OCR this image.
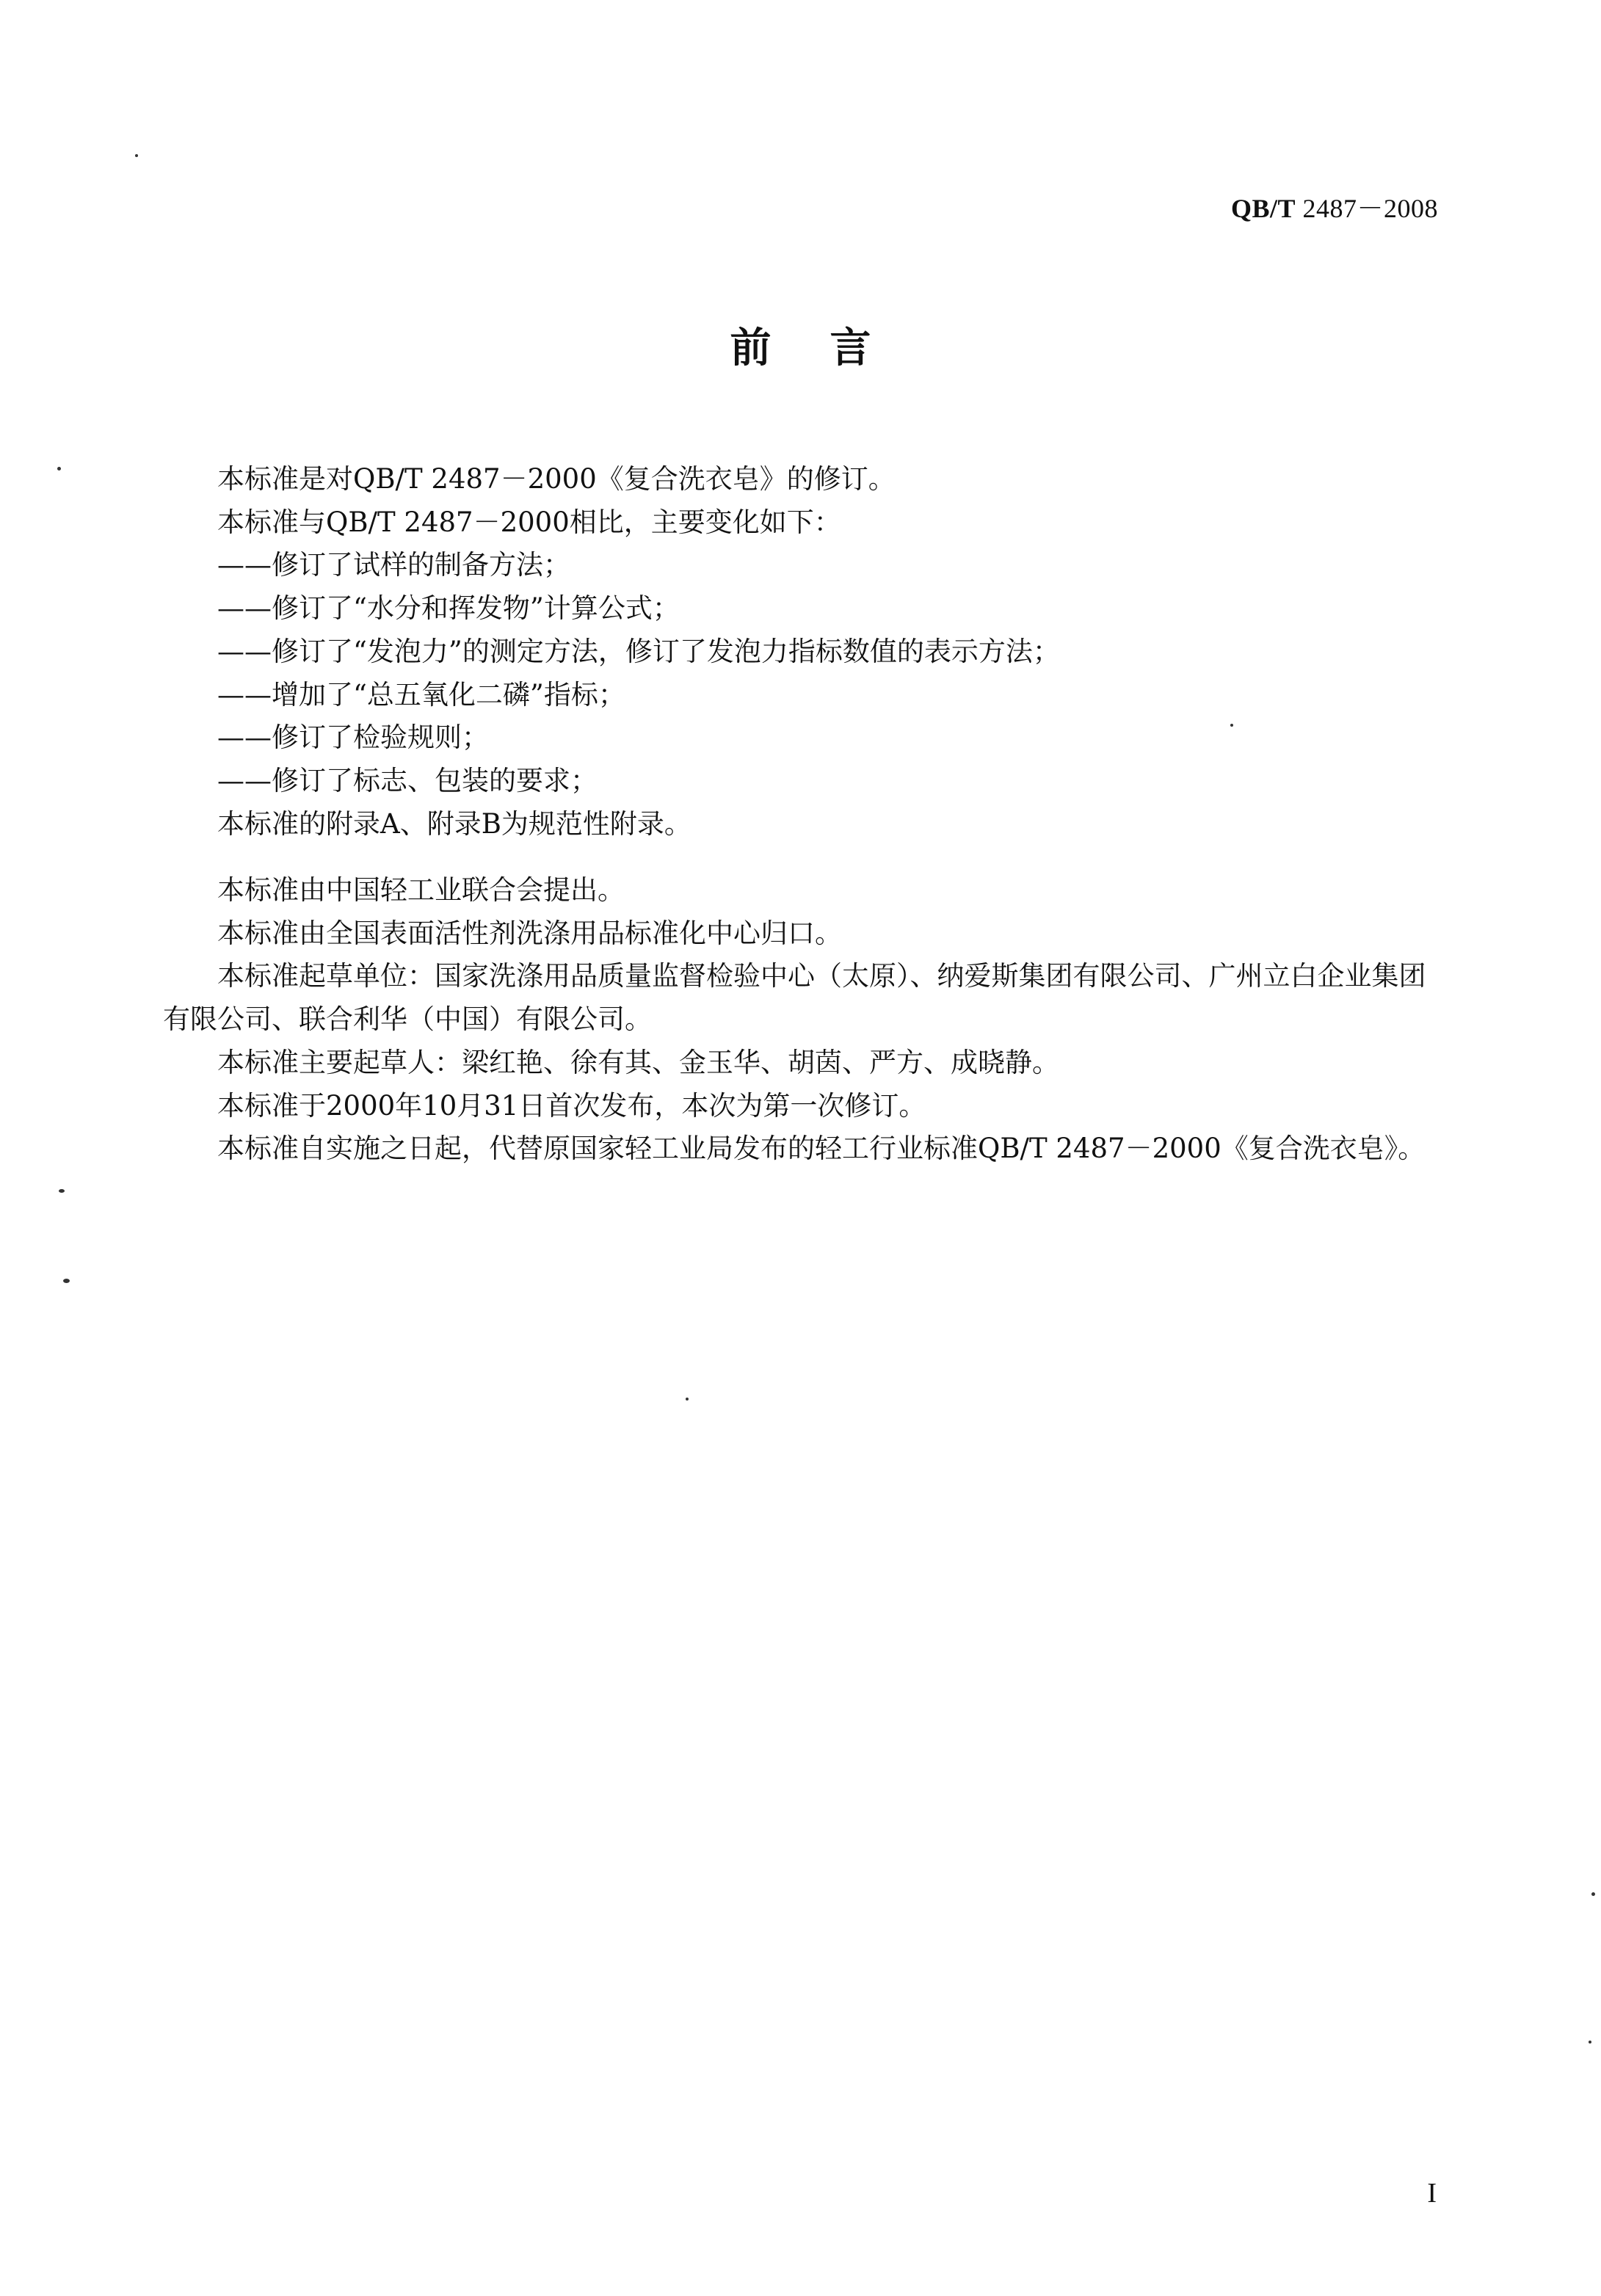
QB/T 2487－2008
前言

本标准是对QB/T 2487－2000《复合洗衣皂》的修订。

本标准与QB/T 2487－2000相比，主要变化如下：

——修订了试样的制备方法；

——修订了“水分和挥发物”计算公式；

——修订了“发泡力”的测定方法，修订了发泡力指标数值的表示方法；

——增加了“总五氧化二磷”指标；

——修订了检验规则；

——修订了标志、包装的要求；

本标准的附录A、附录B为规范性附录。

本标准由中国轻工业联合会提出。

本标准由全国表面活性剂洗涤用品标准化中心归口。

本标准起草单位：国家洗涤用品质量监督检验中心（太原）、纳爱斯集团有限公司、广州立白企业集团有限公司、联合利华（中国）有限公司。

本标准主要起草人：梁红艳、徐有其、金玉华、胡茵、严方、成晓静。

本标准于2000年10月31日首次发布，本次为第一次修订。

本标准自实施之日起，代替原国家轻工业局发布的轻工行业标准QB/T 2487－2000《复合洗衣皂》。

I
